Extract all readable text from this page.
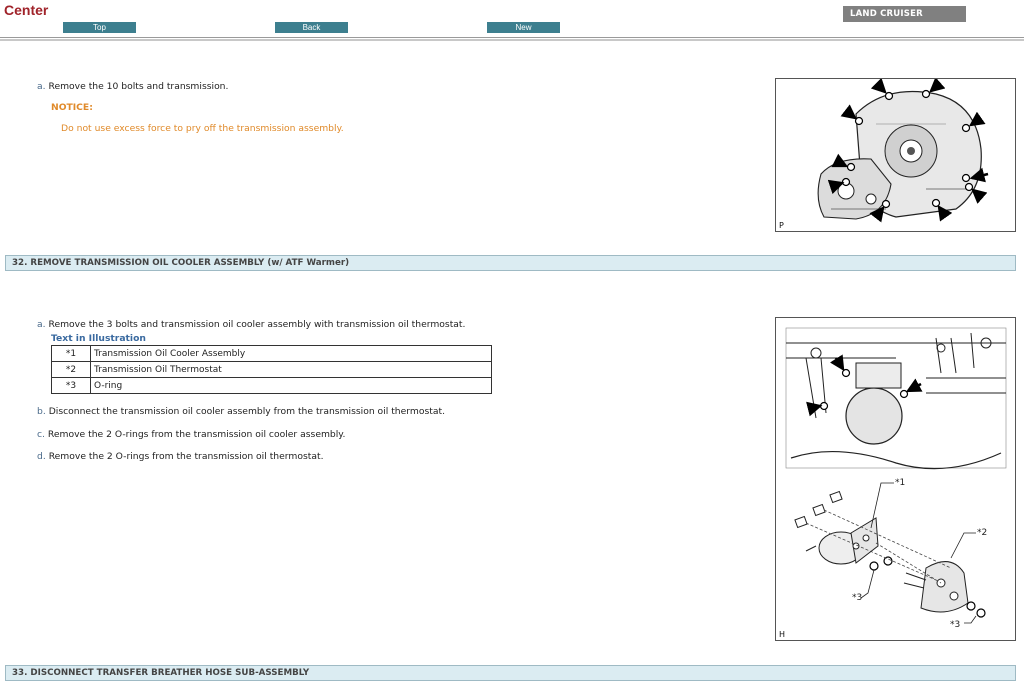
Center
Top	Back	New
LAND CRUISER
a. Remove the 10 bolts and transmission.
NOTICE:
Do not use excess force to pry off the transmission assembly.
P
32. REMOVE TRANSMISSION OIL COOLER ASSEMBLY (w/ ATF Warmer)
a. Remove the 3 bolts and transmission oil cooler assembly with transmission oil thermostat.
Text in Illustration
*1	Transmission Oil Cooler Assembly
*2	Transmission Oil Thermostat
*3	O-ring
b. Disconnect the transmission oil cooler assembly from the transmission oil thermostat.
c. Remove the 2 O-rings from the transmission oil cooler assembly.
d. Remove the 2 O-rings from the transmission oil thermostat.
*1
*2
*3
*3
H
33. DISCONNECT TRANSFER BREATHER HOSE SUB-ASSEMBLY
